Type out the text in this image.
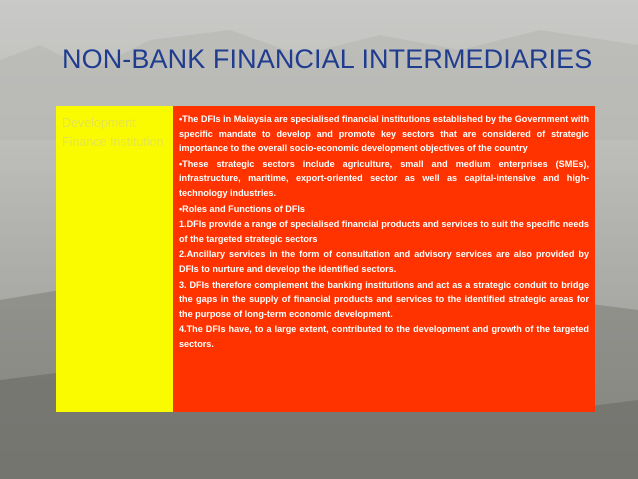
NON-BANK FINANCIAL INTERMEDIARIES
Development Finance Institution

•The DFIs in Malaysia are specialised financial institutions established by the Government with specific mandate to develop and promote key sectors that are considered of strategic importance to the overall socio-economic development objectives of the country

•These strategic sectors include agriculture, small and medium enterprises (SMEs), infrastructure, maritime, export-oriented sector as well as capital-intensive and high-technology industries.

•Roles and Functions of DFIs

1.DFIs provide a range of specialised financial products and services to suit the specific needs of the targeted strategic sectors

2.Ancillary services in the form of consultation and advisory services are also provided by DFIs to nurture and develop the identified sectors.

3. DFIs therefore complement the banking institutions and act as a strategic conduit to bridge the gaps in the supply of financial products and services to the identified strategic areas for the purpose of long-term economic development.

4.The DFIs have, to a large extent, contributed to the development and growth of the targeted sectors.
